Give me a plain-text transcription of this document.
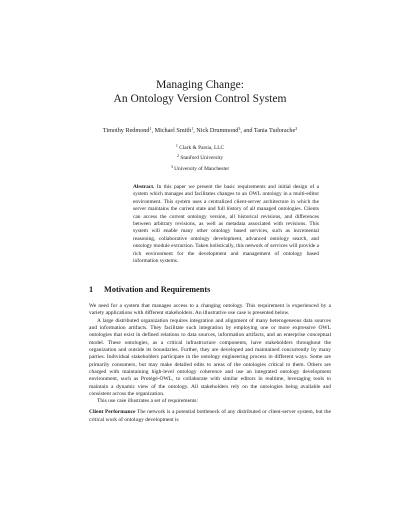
Managing Change:
An Ontology Version Control System
Timothy Redmond$^1$, Michael Smith$^1$, Nick Drummond$^3$, and Tania Tudorache$^2$
$^1$ Clark & Parsia, LLC
$^2$ Stanford University
$^3$ University of Manchester
Abstract. In this paper we present the basic requirements and initial design of a system which manages and facilitates changes to an OWL ontology in a multi-editor environment. This system uses a centralized client-server architecture in which the server maintains the current state and full history of all managed ontologies. Clients can access the current ontology version, all historical revisions, and differences between arbitrary revisions, as well as metadata associated with revisions. This system will enable many other ontology based services, such as incremental reasoning, collaborative ontology development, advanced ontology search, and ontology module extraction. Taken holistically, this network of services will provide a rich environment for the development and management of ontology based information systems.
1 Motivation and Requirements

We need for a system that manages access to a changing ontology. This requirement is experienced by a variety applications with different stakeholders. An illustrative use case is presented below.

A large distributed organization requires integration and alignment of many heterogeneous data sources and information artifacts. They facilitate such integration by employing one or more expressive OWL ontologies that exist in defined relations to data sources, information artifacts, and an enterprise conceptual model. These ontologies, as a critical infrastructure components, have stakeholders throughout the organization and outside its boundaries. Further, they are developed and maintained concurrently by many parties. Individual stakeholders participate in the ontology engineering process in different ways. Some are primarily consumers, but may make detailed edits to areas of the ontologies critical to them. Others are charged with maintaining high-level ontology coherence and use an integrated ontology development environment, such as Protégé-OWL, to collaborate with similar editors in realtime, leveraging tools to maintain a dynamic view of the ontology. All stakeholders rely on the ontologies being available and consistent across the organization.

This use case illustrates a set of requirements:

Client Performance The network is a potential bottleneck of any distributed or client-server system, but the critical work of ontology development is
